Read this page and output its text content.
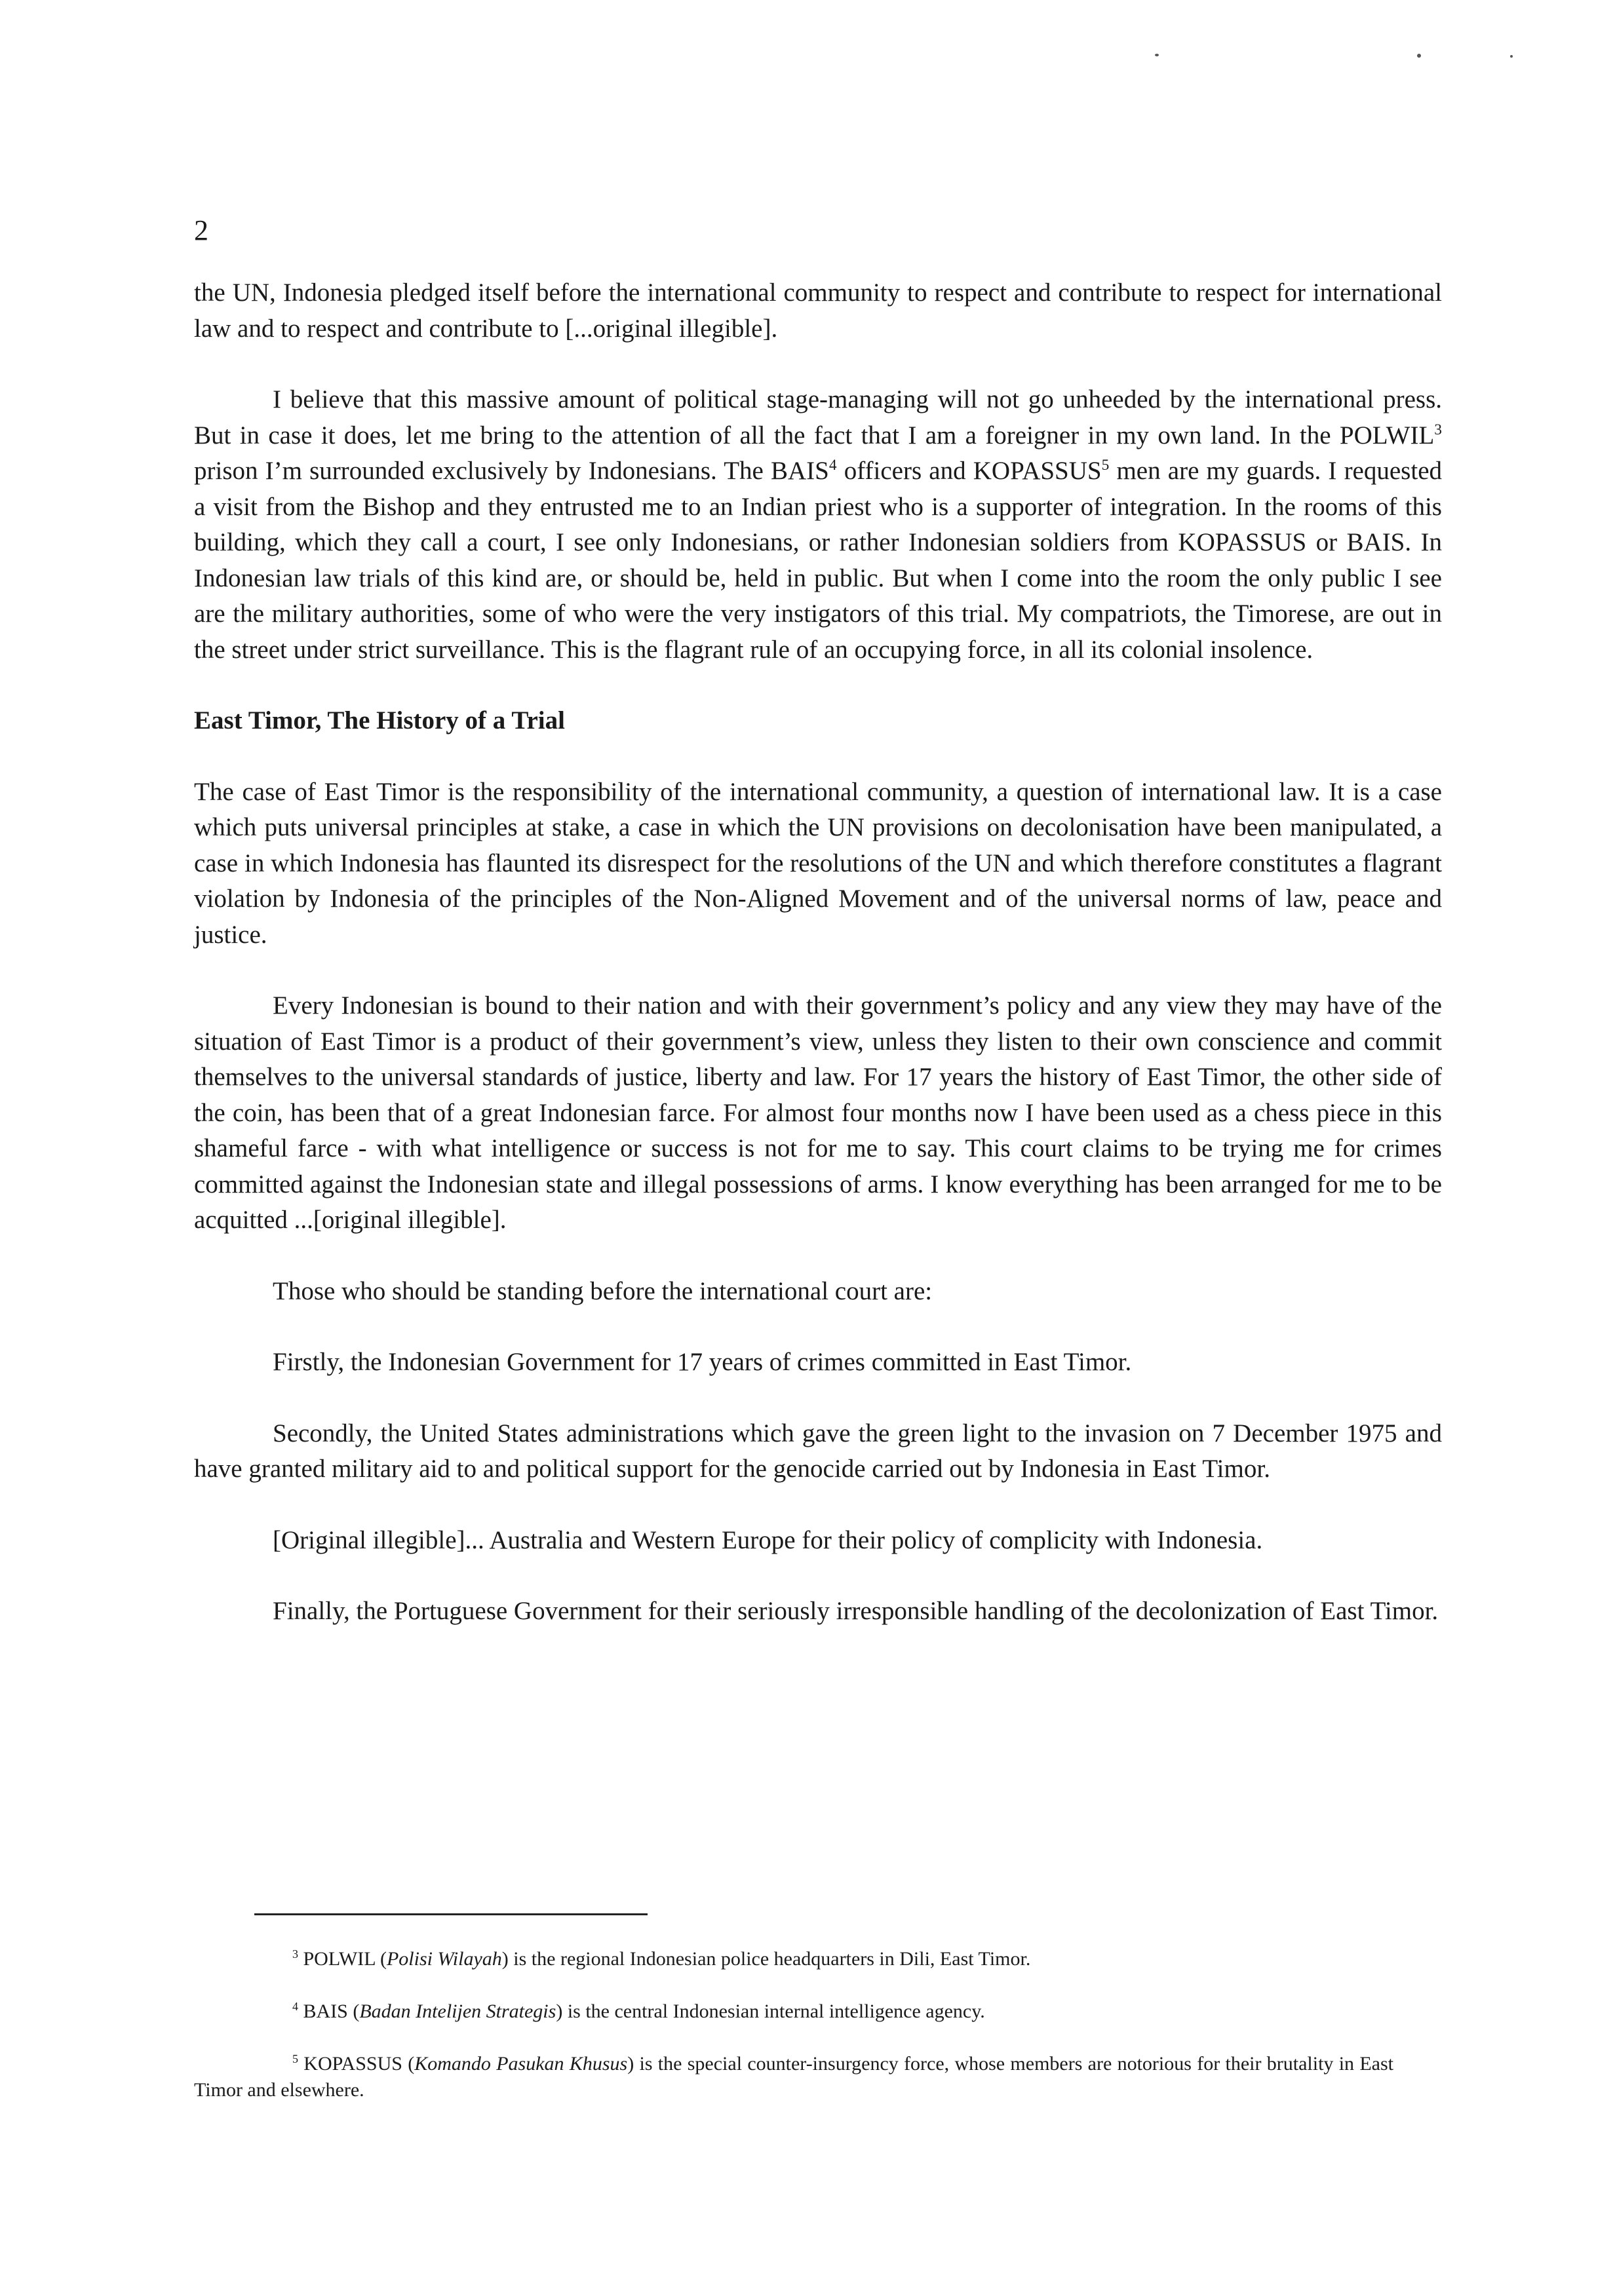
2

the UN, Indonesia pledged itself before the international community to respect and contribute to respect for international law and to respect and contribute to [...original illegible].

I believe that this massive amount of political stage-managing will not go unheeded by the international press. But in case it does, let me bring to the attention of all the fact that I am a foreigner in my own land. In the POLWIL$^3$ prison I’m surrounded exclusively by Indonesians. The BAIS$^4$ officers and KOPASSUS$^5$ men are my guards. I requested a visit from the Bishop and they entrusted me to an Indian priest who is a supporter of integration. In the rooms of this building, which they call a court, I see only Indonesians, or rather Indonesian soldiers from KOPASSUS or BAIS. In Indonesian law trials of this kind are, or should be, held in public. But when I come into the room the only public I see are the military authorities, some of who were the very instigators of this trial. My compatriots, the Timorese, are out in the street under strict surveillance. This is the flagrant rule of an occupying force, in all its colonial insolence.

East Timor, The History of a Trial

The case of East Timor is the responsibility of the international community, a question of international law. It is a case which puts universal principles at stake, a case in which the UN provisions on decolonisation have been manipulated, a case in which Indonesia has flaunted its disrespect for the resolutions of the UN and which therefore constitutes a flagrant violation by Indonesia of the principles of the Non-Aligned Movement and of the universal norms of law, peace and justice.

Every Indonesian is bound to their nation and with their government’s policy and any view they may have of the situation of East Timor is a product of their government’s view, unless they listen to their own conscience and commit themselves to the universal standards of justice, liberty and law. For 17 years the history of East Timor, the other side of the coin, has been that of a great Indonesian farce. For almost four months now I have been used as a chess piece in this shameful farce - with what intelligence or success is not for me to say. This court claims to be trying me for crimes committed against the Indonesian state and illegal possessions of arms. I know everything has been arranged for me to be acquitted ...[original illegible].

Those who should be standing before the international court are:

Firstly, the Indonesian Government for 17 years of crimes committed in East Timor.

Secondly, the United States administrations which gave the green light to the invasion on 7 December 1975 and have granted military aid to and political support for the genocide carried out by Indonesia in East Timor.

[Original illegible]... Australia and Western Europe for their policy of complicity with Indonesia.

Finally, the Portuguese Government for their seriously irresponsible handling of the decolonization of East Timor.

$^3$ POLWIL (Polisi Wilayah) is the regional Indonesian police headquarters in Dili, East Timor.

$^4$ BAIS (Badan Intelijen Strategis) is the central Indonesian internal intelligence agency.

$^5$ KOPASSUS (Komando Pasukan Khusus) is the special counter-insurgency force, whose members are notorious for their brutality in East Timor and elsewhere.
